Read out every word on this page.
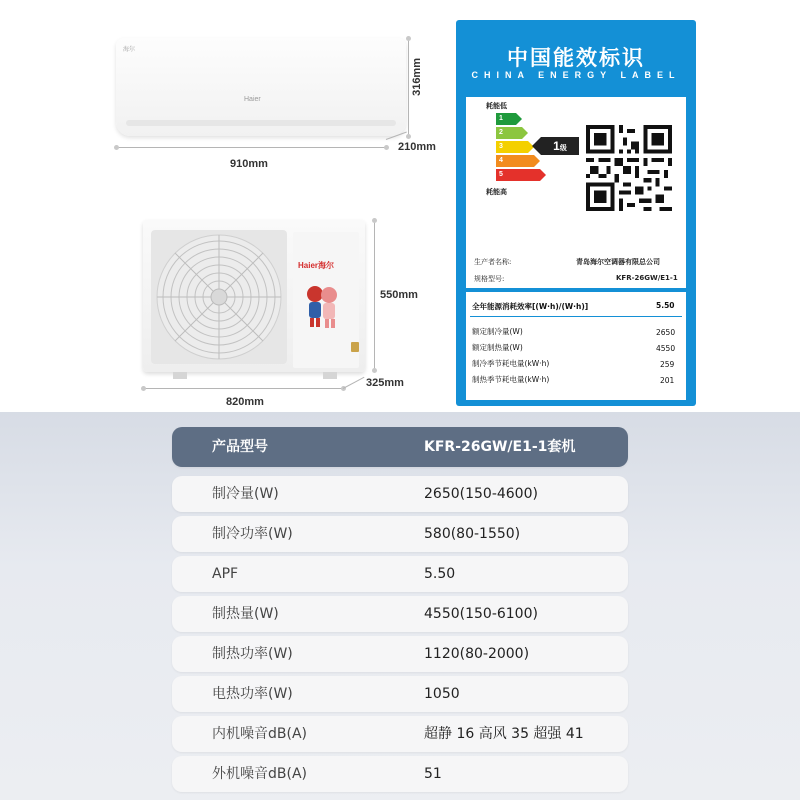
海尔
Haier
316mm
910mm
210mm
Haier海尔
550mm
820mm
325mm
中国能效标识
CHINA ENERGY LABEL
耗能低
1
2
3
4
5
1级
耗能高
生产者名称:	青岛海尔空调器有限总公司
规格型号:	KFR-26GW/E1-1
全年能源消耗效率[(W·h)/(W·h)]	5.50
额定制冷量(W)	2650
额定制热量(W)	4550
制冷季节耗电量(kW·h)	259
制热季节耗电量(kW·h)	201
依据国家标准: GB 21455-2019
产品型号	KFR-26GW/E1-1套机
制冷量(W)	2650(150-4600)
制冷功率(W)	580(80-1550)
APF	5.50
制热量(W)	4550(150-6100)
制热功率(W)	1120(80-2000)
电热功率(W)	1050
内机噪音dB(A)	超静 16 高风 35 超强 41
外机噪音dB(A)	51
